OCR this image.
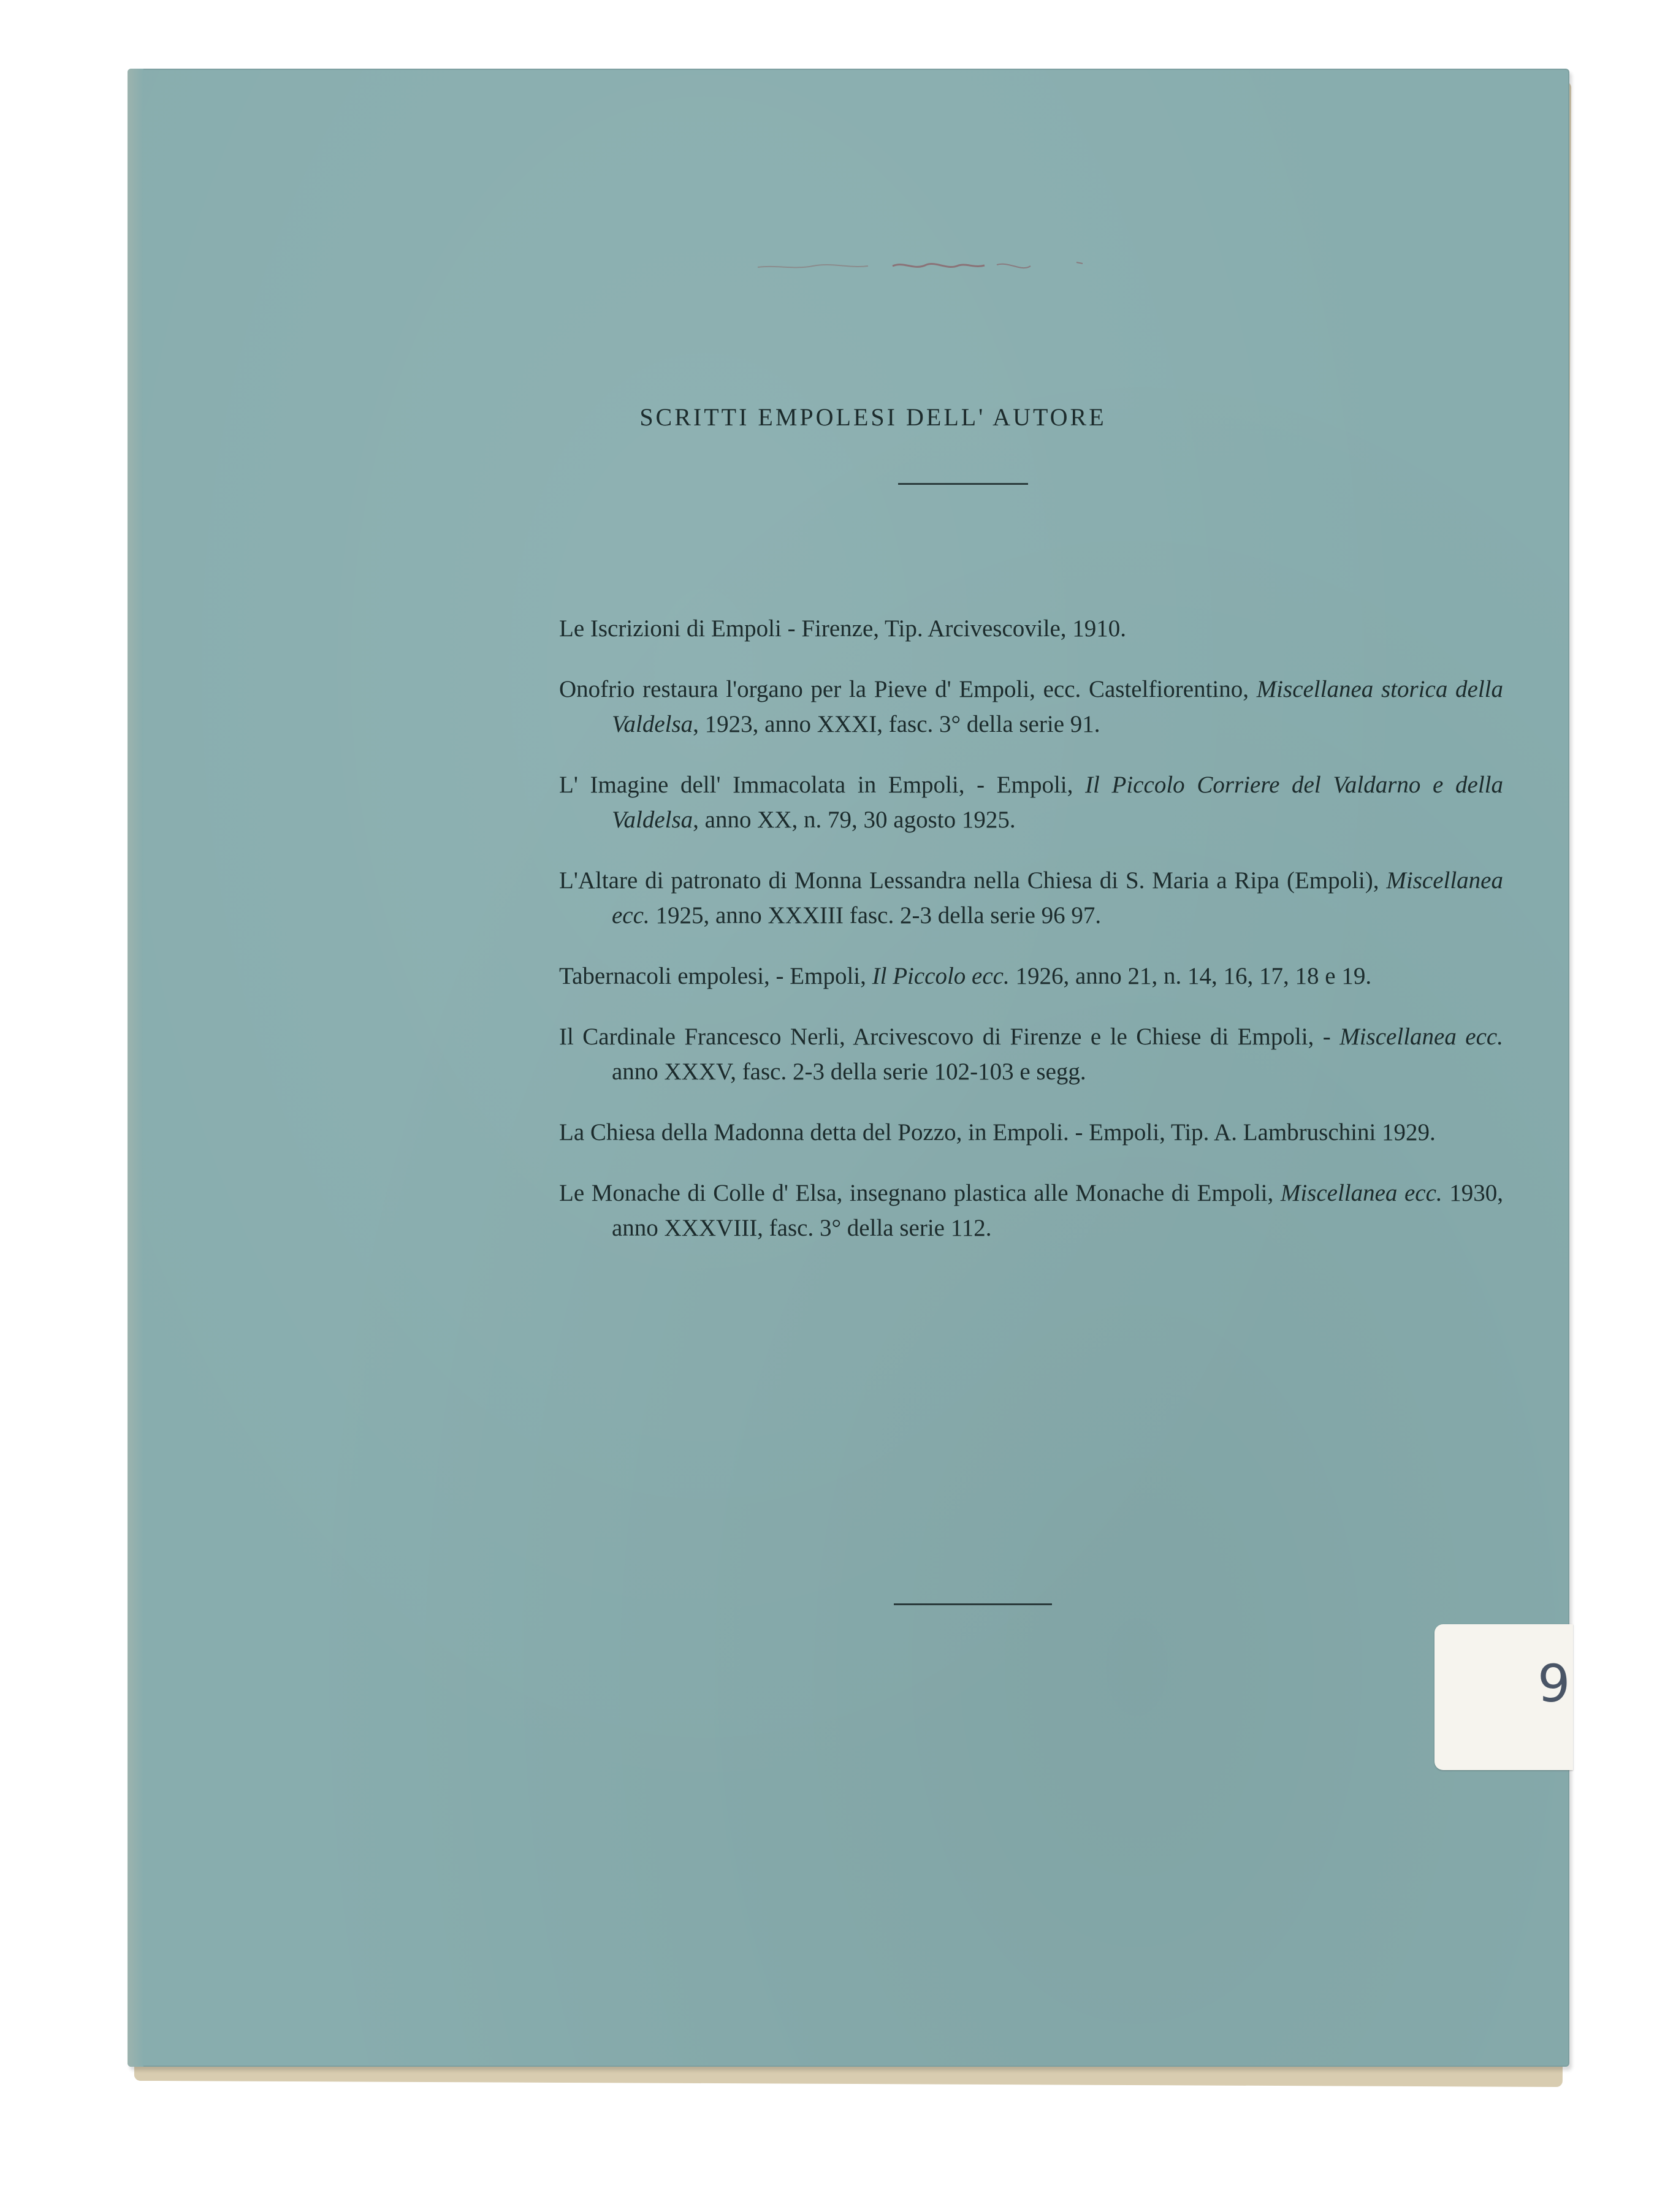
SCRITTI EMPOLESI DELL' AUTORE

Le Iscrizioni di Empoli - Firenze, Tip. Arcivescovile, 1910.

Onofrio restaura l'organo per la Pieve d' Empoli, ecc. Castelfiorentino, Miscellanea storica della Valdelsa, 1923, anno XXXI, fasc. 3° della serie 91.

L' Imagine dell' Immacolata in Empoli, - Empoli, Il Piccolo Corriere del Valdarno e della Valdelsa, anno XX, n. 79, 30 agosto 1925.

L'Altare di patronato di Monna Lessandra nella Chiesa di S. Maria a Ripa (Empoli), Miscellanea ecc. 1925, anno XXXIII fasc. 2-3 della serie 96 97.

Tabernacoli empolesi, - Empoli, Il Piccolo ecc. 1926, anno 21, n. 14, 16, 17, 18 e 19.

Il Cardinale Francesco Nerli, Arcivescovo di Firenze e le Chiese di Empoli, - Miscellanea ecc. anno XXXV, fasc. 2-3 della serie 102-103 e segg.

La Chiesa della Madonna detta del Pozzo, in Empoli. - Empoli, Tip. A. Lambruschini 1929.

Le Monache di Colle d' Elsa, insegnano plastica alle Monache di Empoli, Miscellanea ecc. 1930, anno XXXVIII, fasc. 3° della serie 112.

9
